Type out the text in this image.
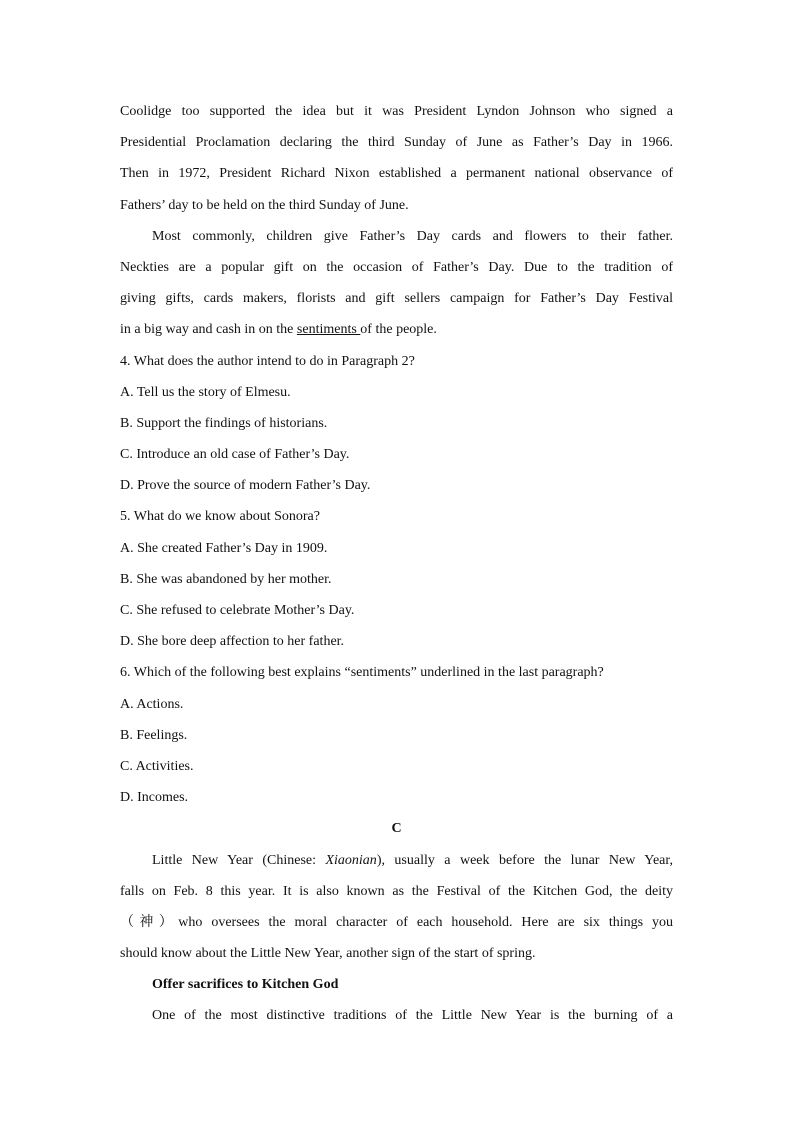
Coolidge too supported the idea but it was President Lyndon Johnson who signed a
Presidential Proclamation declaring the third Sunday of June as Father’s Day in 1966.
Then in 1972, President Richard Nixon established a permanent national observance of
Fathers’ day to be held on the third Sunday of June.
Most commonly, children give Father’s Day cards and flowers to their father.
Neckties are a popular gift on the occasion of Father’s Day. Due to the tradition of
giving gifts, cards makers, florists and gift sellers campaign for Father’s Day Festival
in a big way and cash in on the sentiments of the people.
4. What does the author intend to do in Paragraph 2?
A. Tell us the story of Elmesu.
B. Support the findings of historians.
C. Introduce an old case of Father’s Day.
D. Prove the source of modern Father’s Day.
5. What do we know about Sonora?
A. She created Father’s Day in 1909.
B. She was abandoned by her mother.
C. She refused to celebrate Mother’s Day.
D. She bore deep affection to her father.
6. Which of the following best explains “sentiments” underlined in the last paragraph?
A. Actions.
B. Feelings.
C. Activities.
D. Incomes.
C
Little New Year (Chinese: Xiaonian), usually a week before the lunar New Year,
falls on Feb. 8 this year. It is also known as the Festival of the Kitchen God, the deity
（神）who oversees the moral character of each household. Here are six things you
should know about the Little New Year, another sign of the start of spring.
Offer sacrifices to Kitchen God
One of the most distinctive traditions of the Little New Year is the burning of a
